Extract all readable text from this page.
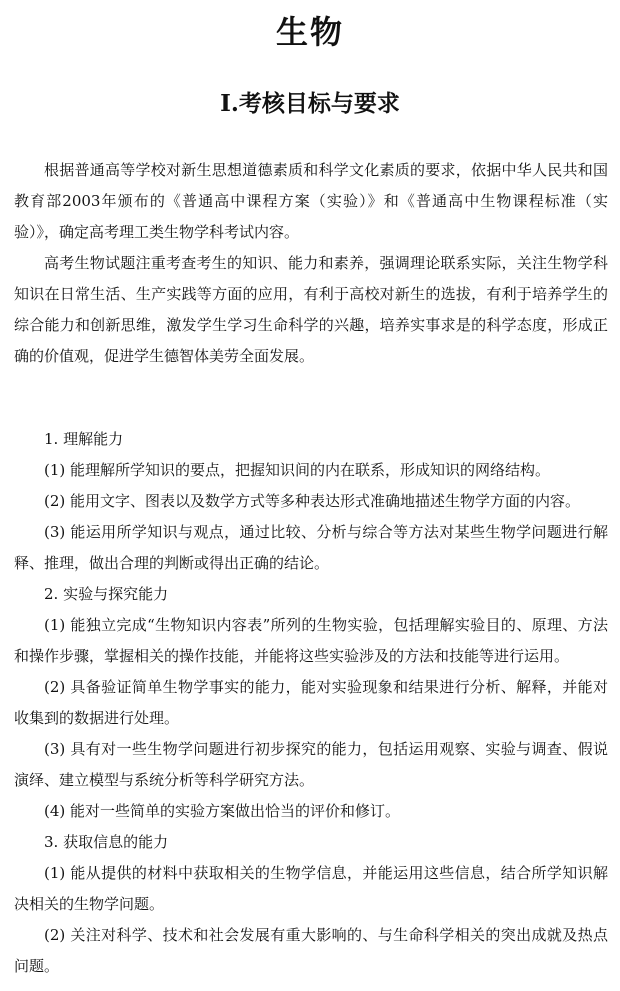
生物
Ⅰ.考核目标与要求

根据普通高等学校对新生思想道德素质和科学文化素质的要求，依据中华人民共和国教育部2003年颁布的《普通高中课程方案（实验）》和《普通高中生物课程标准（实验）》，确定高考理工类生物学科考试内容。

高考生物试题注重考查考生的知识、能力和素养，强调理论联系实际，关注生物学科知识在日常生活、生产实践等方面的应用，有利于高校对新生的选拔，有利于培养学生的综合能力和创新思维，激发学生学习生命科学的兴趣，培养实事求是的科学态度，形成正确的价值观，促进学生德智体美劳全面发展。

1. 理解能力

(1) 能理解所学知识的要点，把握知识间的内在联系，形成知识的网络结构。

(2) 能用文字、图表以及数学方式等多种表达形式准确地描述生物学方面的内容。

(3) 能运用所学知识与观点，通过比较、分析与综合等方法对某些生物学问题进行解释、推理，做出合理的判断或得出正确的结论。

2. 实验与探究能力

(1) 能独立完成“生物知识内容表”所列的生物实验，包括理解实验目的、原理、方法和操作步骤，掌握相关的操作技能，并能将这些实验涉及的方法和技能等进行运用。

(2) 具备验证简单生物学事实的能力，能对实验现象和结果进行分析、解释，并能对收集到的数据进行处理。

(3) 具有对一些生物学问题进行初步探究的能力，包括运用观察、实验与调查、假说演绎、建立模型与系统分析等科学研究方法。

(4) 能对一些简单的实验方案做出恰当的评价和修订。

3. 获取信息的能力

(1) 能从提供的材料中获取相关的生物学信息，并能运用这些信息，结合所学知识解决相关的生物学问题。

(2) 关注对科学、技术和社会发展有重大影响的、与生命科学相关的突出成就及热点问题。
